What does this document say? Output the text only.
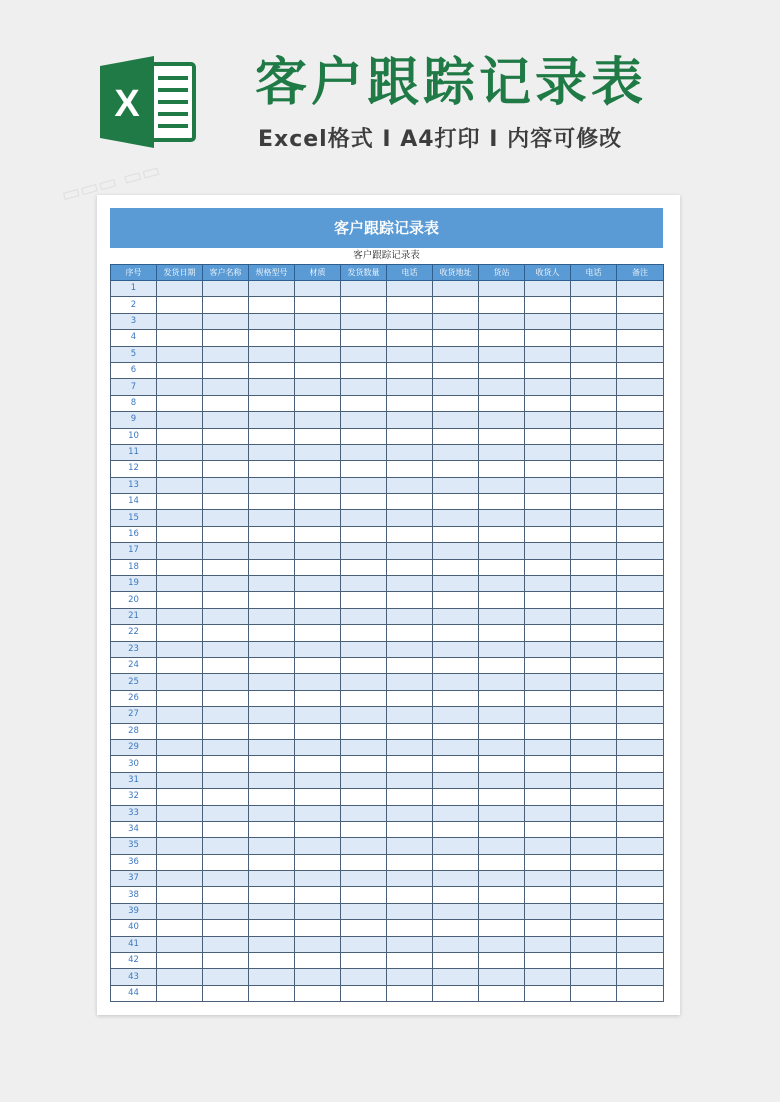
X 客户跟踪记录表
Excel格式 I A4打印 I 内容可修改
客户跟踪记录表
客户跟踪记录表
序号	发货日期	客户名称	规格型号	材质	发货数量	电话	收货地址	货站	收货人	电话	备注
1											
2											
3											
4											
5											
6											
7											
8											
9											
10											
11											
12											
13											
14											
15											
16											
17											
18											
19											
20											
21											
22											
23											
24											
25											
26											
27											
28											
29											
30											
31											
32											
33											
34											
35											
36											
37											
38											
39											
40											
41											
42											
43											
44											
▭▭▭ ▭▭
